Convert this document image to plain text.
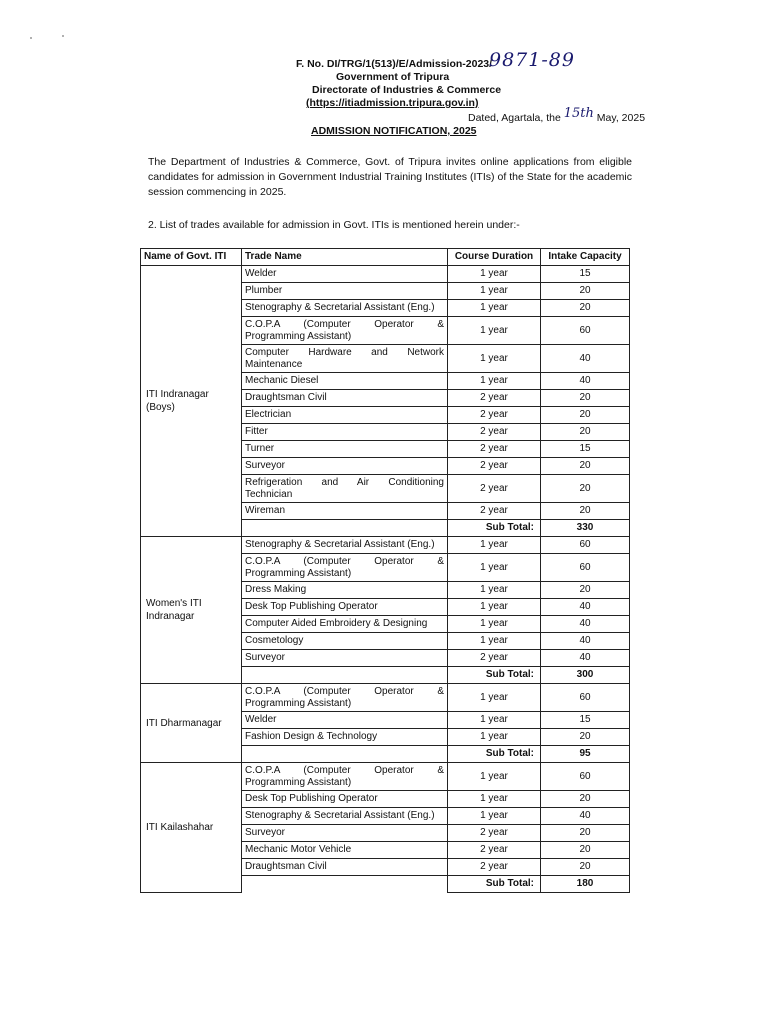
F. No. DI/TRG/1(513)/E/Admission-2023/
9871-89
Government of Tripura
Directorate of Industries & Commerce
(https://itiadmission.tripura.gov.in)
Dated, Agartala, the 15th May, 2025
ADMISSION NOTIFICATION, 2025
The Department of Industries & Commerce, Govt. of Tripura invites online applications from eligible candidates for admission in Government Industrial Training Institutes (ITIs) of the State for the academic session commencing in 2025.
2. List of trades available for admission in Govt. ITIs is mentioned herein under:-
Name of Govt. ITI	Trade Name	Course Duration	Intake Capacity
ITI Indranagar (Boys)	Welder	1 year	15
	Plumber	1 year	20
	Stenography & Secretarial Assistant (Eng.)	1 year	20
	C.O.P.A (Computer Operator & Programming Assistant)	1 year	60
	Computer Hardware and Network Maintenance	1 year	40
	Mechanic Diesel	1 year	40
	Draughtsman Civil	2 year	20
	Electrician	2 year	20
	Fitter	2 year	20
	Turner	2 year	15
	Surveyor	2 year	20
	Refrigeration and Air Conditioning Technician	2 year	20
	Wireman	2 year	20
		Sub Total:	330
Women's ITI Indranagar	Stenography & Secretarial Assistant (Eng.)	1 year	60
	C.O.P.A (Computer Operator & Programming Assistant)	1 year	60
	Dress Making	1 year	20
	Desk Top Publishing Operator	1 year	40
	Computer Aided Embroidery & Designing	1 year	40
	Cosmetology	1 year	40
	Surveyor	2 year	40
		Sub Total:	300
ITI Dharmanagar	C.O.P.A (Computer Operator & Programming Assistant)	1 year	60
	Welder	1 year	15
	Fashion Design & Technology	1 year	20
		Sub Total:	95
ITI Kailashahar	C.O.P.A (Computer Operator & Programming Assistant)	1 year	60
	Desk Top Publishing Operator	1 year	20
	Stenography & Secretarial Assistant (Eng.)	1 year	40
	Surveyor	2 year	20
	Mechanic Motor Vehicle	2 year	20
	Draughtsman Civil	2 year	20
		Sub Total:	180
